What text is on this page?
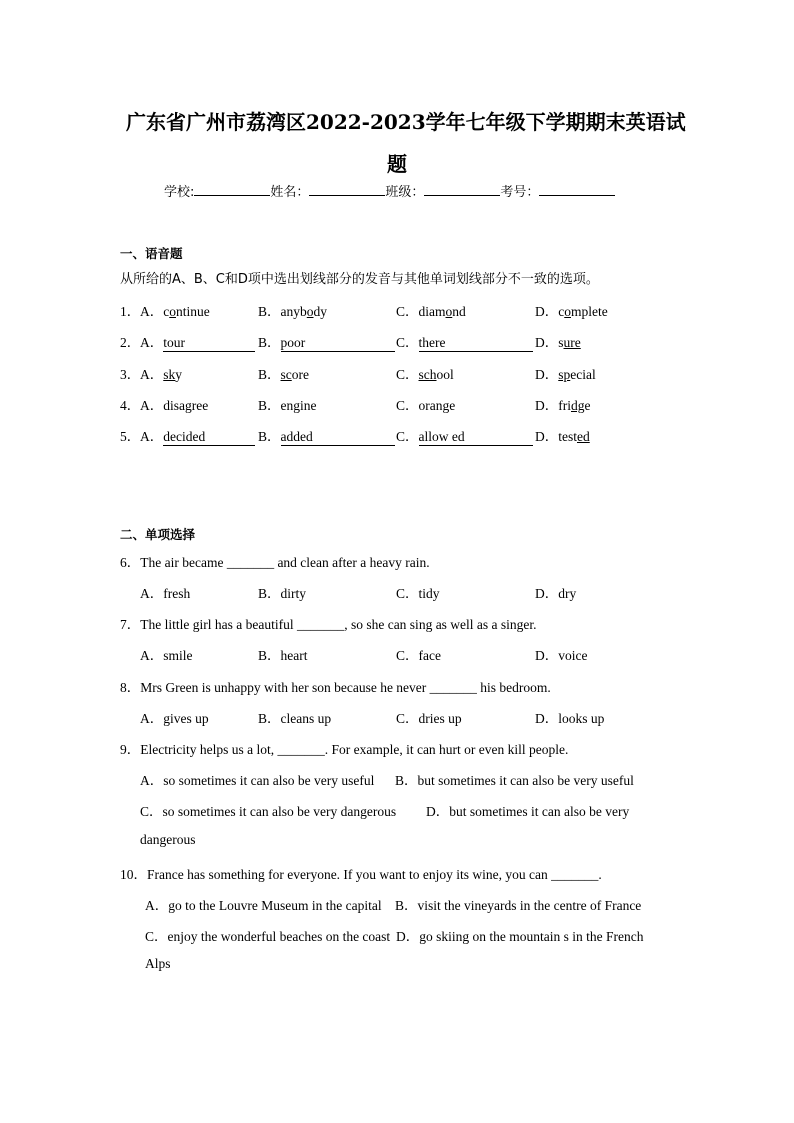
广东省广州市荔湾区2022-2023学年七年级下学期期末英语试
题
学校:	姓名：	班级：	考号：
一、语音题
从所给的A、B、C和D项中选出划线部分的发音与其他单词划线部分不一致的选项。
1． A．continue	B．anybody	C．diamond	D．complete
2． A．tour	B．poor	C．there	D．sure
3． A．sky	B．score	C．school	D．special
4． A．disagree	B．engine	C．orange	D．fridge
5． A．decided	B．added	C．allow ed	D．tested
二、单项选择
6．The air became _______ and clean after a heavy rain.
A．fresh	B．dirty	C．tidy	D．dry
7．The little girl has a beautiful _______, so she can sing as well as a singer.
A．smile	B．heart	C．face	D．voice
8．Mrs Green is unhappy with her son because he never _______ his bedroom.
A．gives up	B．cleans up	C．dries up	D．looks up
9．Electricity helps us a lot, _______. For example, it can hurt or even kill people.
A．so sometimes it can also be very useful B．but sometimes it can also be very useful
C．so sometimes it can also be very dangerous D．but sometimes it can also be very
dangerous
10．France has something for everyone. If you want to enjoy its wine, you can _______.
A．go to the Louvre Museum in the capital B．visit the vineyards in the centre of France
C．enjoy the wonderful beaches on the coast D．go skiing on the mountain s in the French
Alps
